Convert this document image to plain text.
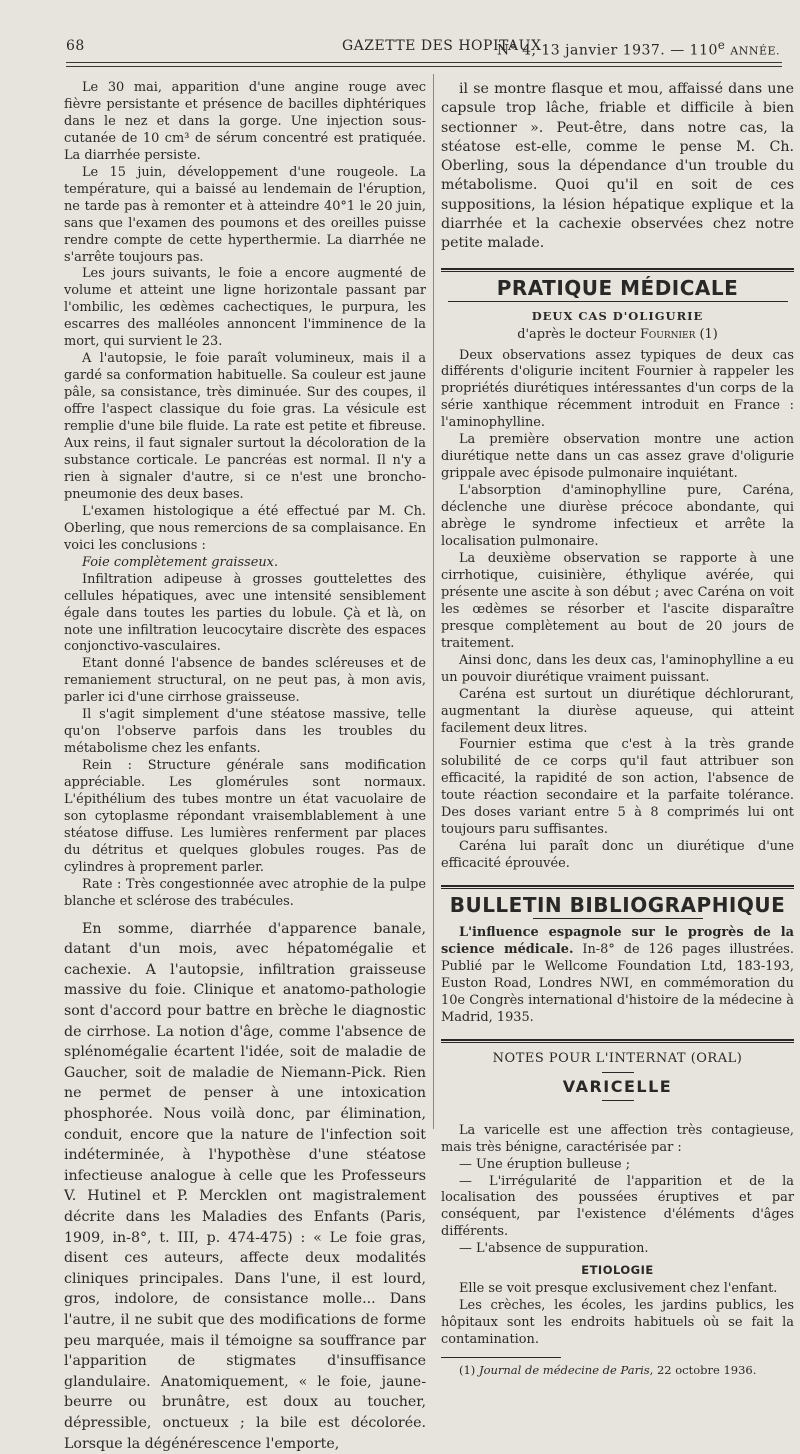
68	GAZETTE DES HOPITAUX
N° 4, 13 janvier 1937. — 110e ANNÉE.

Le 30 mai, apparition d'une angine rouge avec fièvre persistante et présence de bacilles diphtériques dans le nez et dans la gorge. Une injection sous-cutanée de 10 cm³ de sérum concentré est pratiquée. La diarrhée persiste.

Le 15 juin, développement d'une rougeole. La température, qui a baissé au lendemain de l'éruption, ne tarde pas à remonter et à atteindre 40°1 le 20 juin, sans que l'examen des poumons et des oreilles puisse rendre compte de cette hyperthermie. La diarrhée ne s'arrête toujours pas.

Les jours suivants, le foie a encore augmenté de volume et atteint une ligne horizontale passant par l'ombilic, les œdèmes cachectiques, le purpura, les escarres des malléoles annoncent l'imminence de la mort, qui survient le 23.

A l'autopsie, le foie paraît volumineux, mais il a gardé sa conformation habituelle. Sa couleur est jaune pâle, sa consistance, très diminuée. Sur des coupes, il offre l'aspect classique du foie gras. La vésicule est remplie d'une bile fluide. La rate est petite et fibreuse. Aux reins, il faut signaler surtout la décoloration de la substance corticale. Le pancréas est normal. Il n'y a rien à signaler d'autre, si ce n'est une broncho-pneumonie des deux bases.

L'examen histologique a été effectué par M. Ch. Oberling, que nous remercions de sa complaisance. En voici les conclusions :

Foie complètement graisseux.

Infiltration adipeuse à grosses gouttelettes des cellules hépatiques, avec une intensité sensiblement égale dans toutes les parties du lobule. Çà et là, on note une infiltration leucocytaire discrète des espaces conjonctivo-vasculaires.

Etant donné l'absence de bandes scléreuses et de remaniement structural, on ne peut pas, à mon avis, parler ici d'une cirrhose graisseuse.

Il s'agit simplement d'une stéatose massive, telle qu'on l'observe parfois dans les troubles du métabolisme chez les enfants.

Rein : Structure générale sans modification appréciable. Les glomérules sont normaux. L'épithélium des tubes montre un état vacuolaire de son cytoplasme répondant vraisemblablement à une stéatose diffuse. Les lumières renferment par places du détritus et quelques globules rouges. Pas de cylindres à proprement parler.

Rate : Très congestionnée avec atrophie de la pulpe blanche et sclérose des trabécules.

En somme, diarrhée d'apparence banale, datant d'un mois, avec hépatomégalie et cachexie. A l'autopsie, infiltration graisseuse massive du foie. Clinique et anatomo-pathologie sont d'accord pour battre en brèche le diagnostic de cirrhose. La notion d'âge, comme l'absence de splénomégalie écartent l'idée, soit de maladie de Gaucher, soit de maladie de Niemann-Pick. Rien ne permet de penser à une intoxication phosphorée. Nous voilà donc, par élimination, conduit, encore que la nature de l'infection soit indéterminée, à l'hypothèse d'une stéatose infectieuse analogue à celle que les Professeurs V. Hutinel et P. Mercklen ont magistralement décrite dans les Maladies des Enfants (Paris, 1909, in-8°, t. III, p. 474-475) : « Le foie gras, disent ces auteurs, affecte deux modalités cliniques principales. Dans l'une, il est lourd, gros, indolore, de consistance molle... Dans l'autre, il ne subit que des modifications de forme peu marquée, mais il témoigne sa souffrance par l'apparition de stigmates d'insuffisance glandulaire. Anatomiquement, « le foie, jaune-beurre ou brunâtre, est doux au toucher, dépressible, onctueux ; la bile est décolorée. Lorsque la dégénérescence l'emporte,

il se montre flasque et mou, affaissé dans une capsule trop lâche, friable et difficile à bien sectionner ». Peut-être, dans notre cas, la stéatose est-elle, comme le pense M. Ch. Oberling, sous la dépendance d'un trouble du métabolisme. Quoi qu'il en soit de ces suppositions, la lésion hépatique explique et la diarrhée et la cachexie observées chez notre petite malade.

PRATIQUE MÉDICALE
DEUX CAS D'OLIGURIE
d'après le docteur Fournier (1)

Deux observations assez typiques de deux cas différents d'oligurie incitent Fournier à rappeler les propriétés diurétiques intéressantes d'un corps de la série xanthique récemment introduit en France : l'aminophylline.

La première observation montre une action diurétique nette dans un cas assez grave d'oligurie grippale avec épisode pulmonaire inquiétant.

L'absorption d'aminophylline pure, Caréna, déclenche une diurèse précoce abondante, qui abrège le syndrome infectieux et arrête la localisation pulmonaire.

La deuxième observation se rapporte à une cirrhotique, cuisinière, éthylique avérée, qui présente une ascite à son début ; avec Caréna on voit les œdèmes se résorber et l'ascite disparaître presque complètement au bout de 20 jours de traitement.

Ainsi donc, dans les deux cas, l'aminophylline a eu un pouvoir diurétique vraiment puissant.

Caréna est surtout un diurétique déchlorurant, augmentant la diurèse aqueuse, qui atteint facilement deux litres.

Fournier estima que c'est à la très grande solubilité de ce corps qu'il faut attribuer son efficacité, la rapidité de son action, l'absence de toute réaction secondaire et la parfaite tolérance. Des doses variant entre 5 à 8 comprimés lui ont toujours paru suffisantes.

Caréna lui paraît donc un diurétique d'une efficacité éprouvée.

BULLETIN BIBLIOGRAPHIQUE

L'influence espagnole sur le progrès de la science médicale. In-8° de 126 pages illustrées. Publié par le Wellcome Foundation Ltd, 183-193, Euston Road, Londres NWI, en commémoration du 10e Congrès international d'histoire de la médecine à Madrid, 1935.

NOTES POUR L'INTERNAT (ORAL)
VARICELLE

La varicelle est une affection très contagieuse, mais très bénigne, caractérisée par :

— Une éruption bulleuse ;

— L'irrégularité de l'apparition et de la localisation des poussées éruptives et par conséquent, par l'existence d'éléments d'âges différents.

— L'absence de suppuration.

ETIOLOGIE

Elle se voit presque exclusivement chez l'enfant.

Les crèches, les écoles, les jardins publics, les hôpitaux sont les endroits habituels où se fait la contamination.

(1) Journal de médecine de Paris, 22 octobre 1936.
